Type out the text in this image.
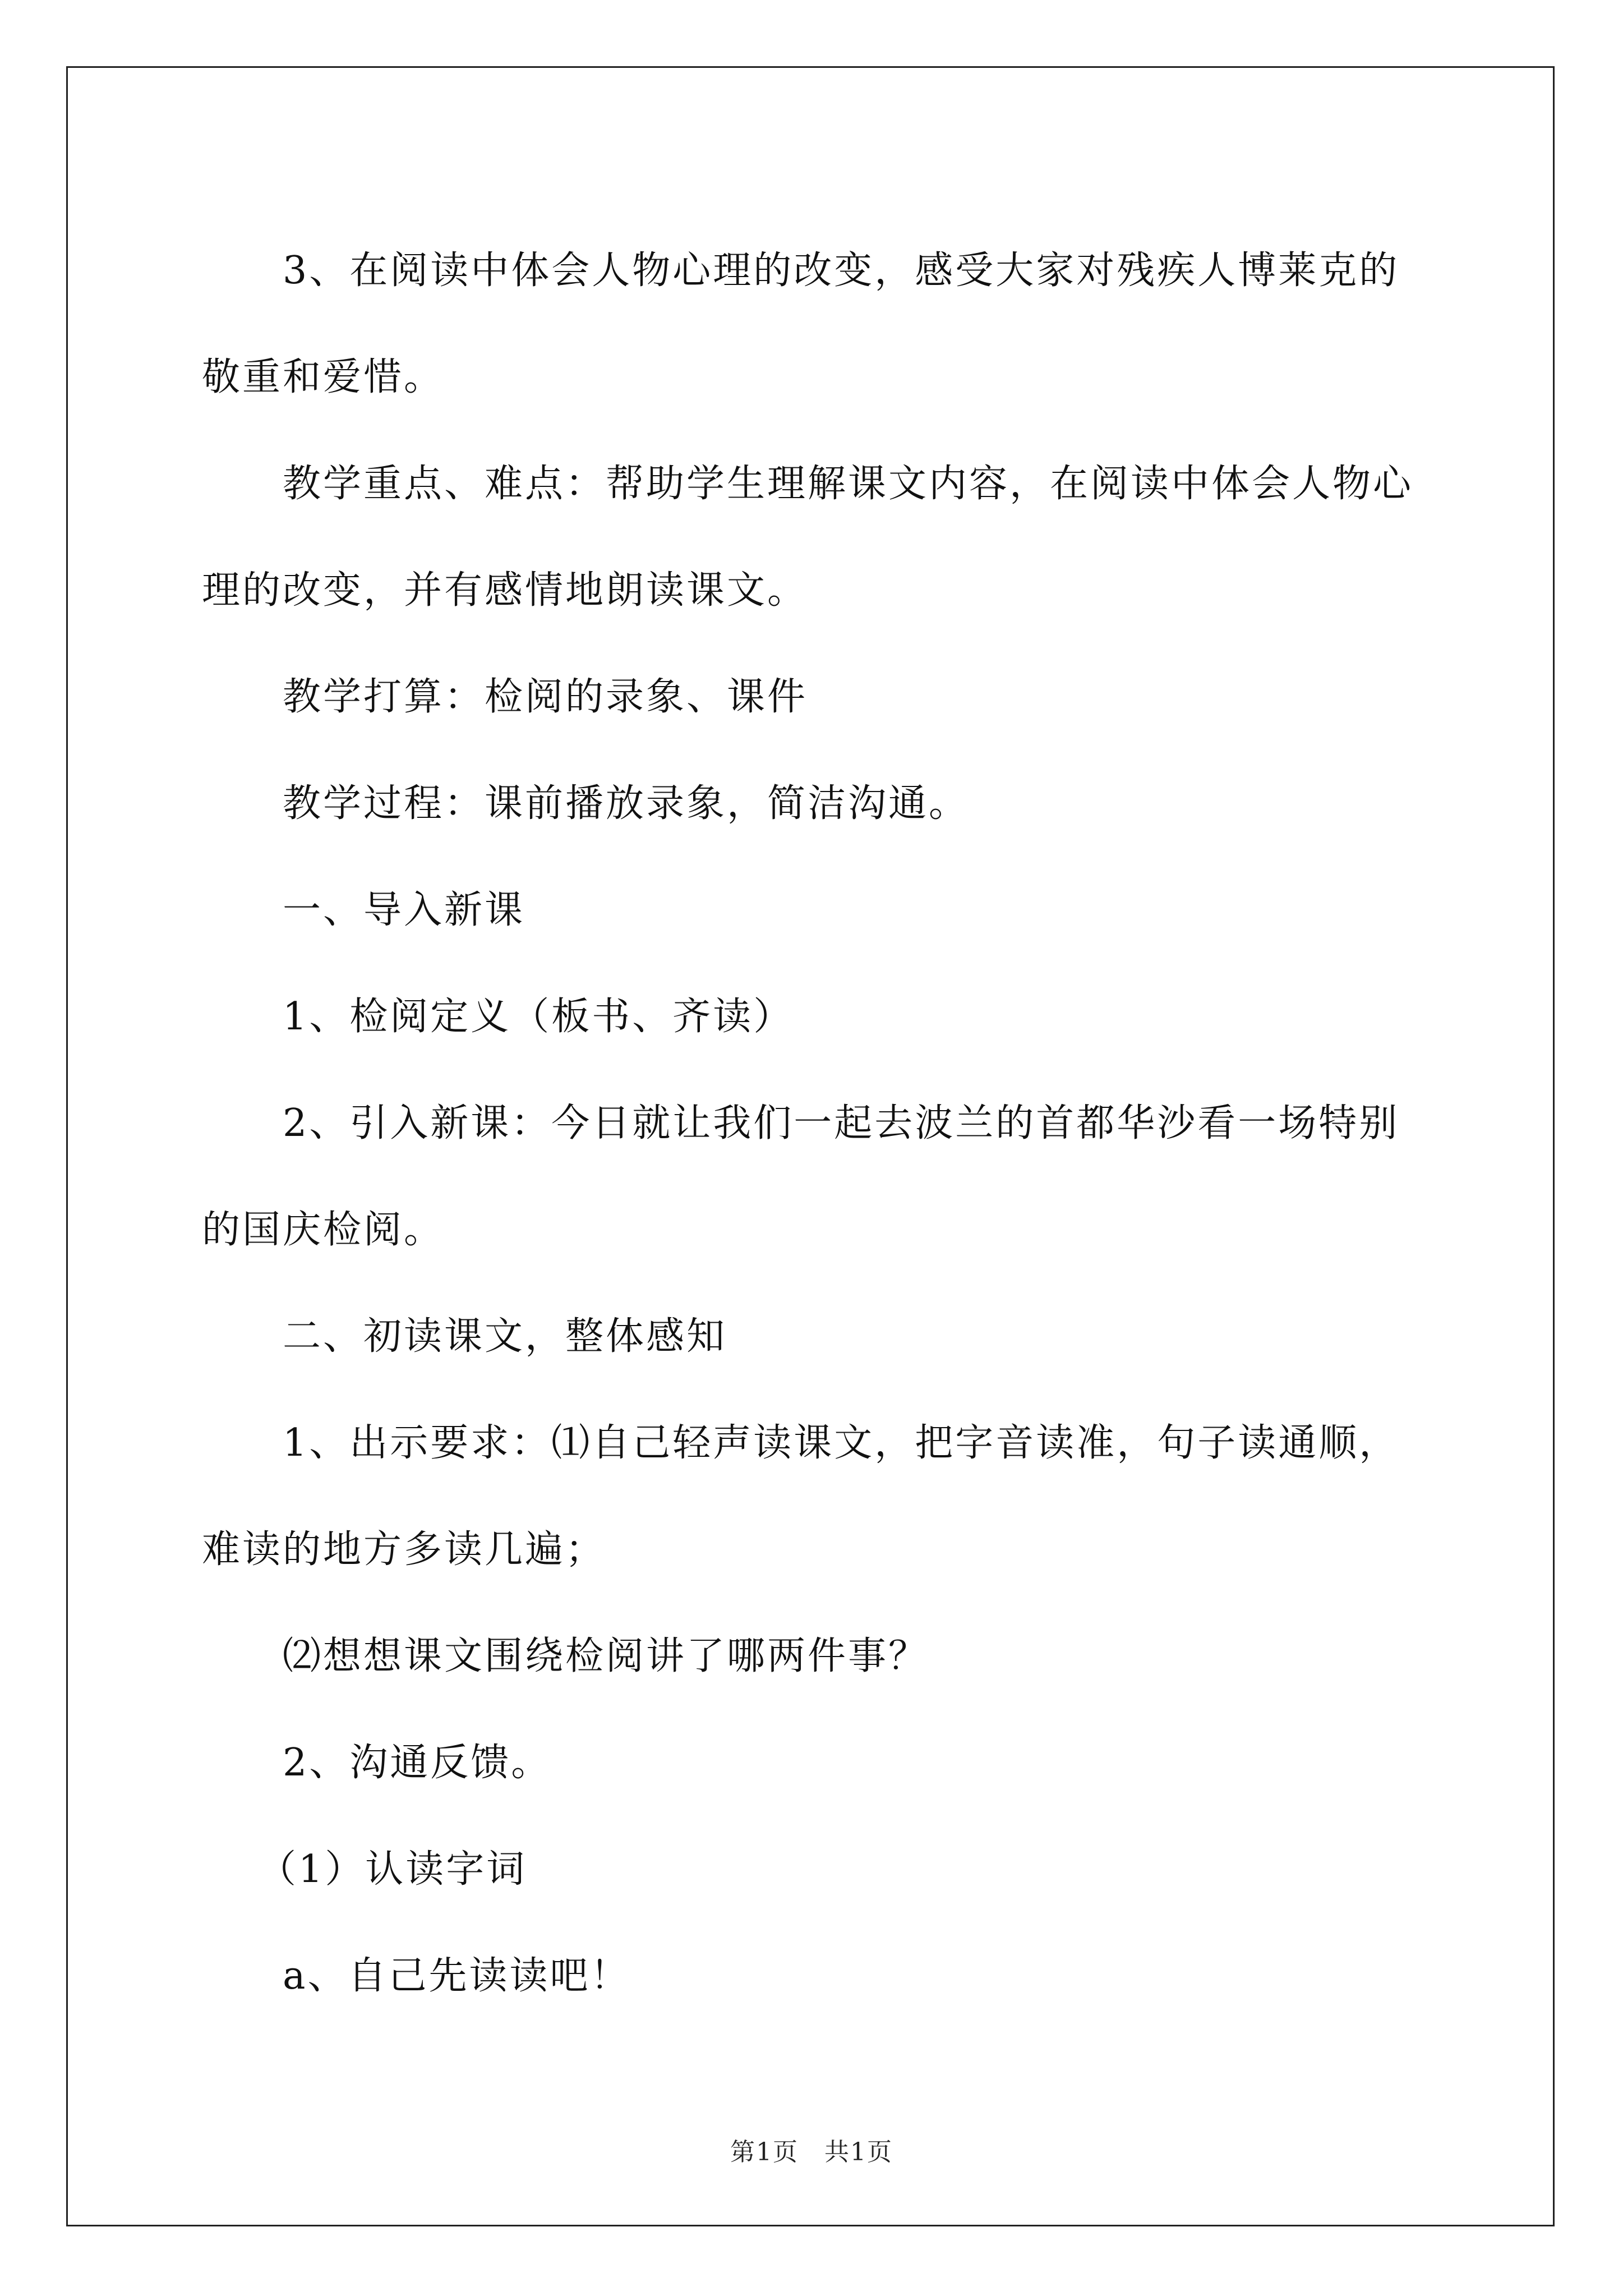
3、在阅读中体会人物心理的改变，感受大家对残疾人博莱克的敬重和爱惜。

教学重点、难点：帮助学生理解课文内容，在阅读中体会人物心理的改变，并有感情地朗读课文。

教学打算：检阅的录象、课件

教学过程：课前播放录象，简洁沟通。

一、导入新课

1、检阅定义（板书、齐读）

2、引入新课：今日就让我们一起去波兰的首都华沙看一场特别的国庆检阅。

二、初读课文，整体感知

1、出示要求：⑴自己轻声读课文，把字音读准，句子读通顺，难读的地方多读几遍；

⑵想想课文围绕检阅讲了哪两件事？

2、沟通反馈。

（1）认读字词

a、自己先读读吧！

第1页　共1页
